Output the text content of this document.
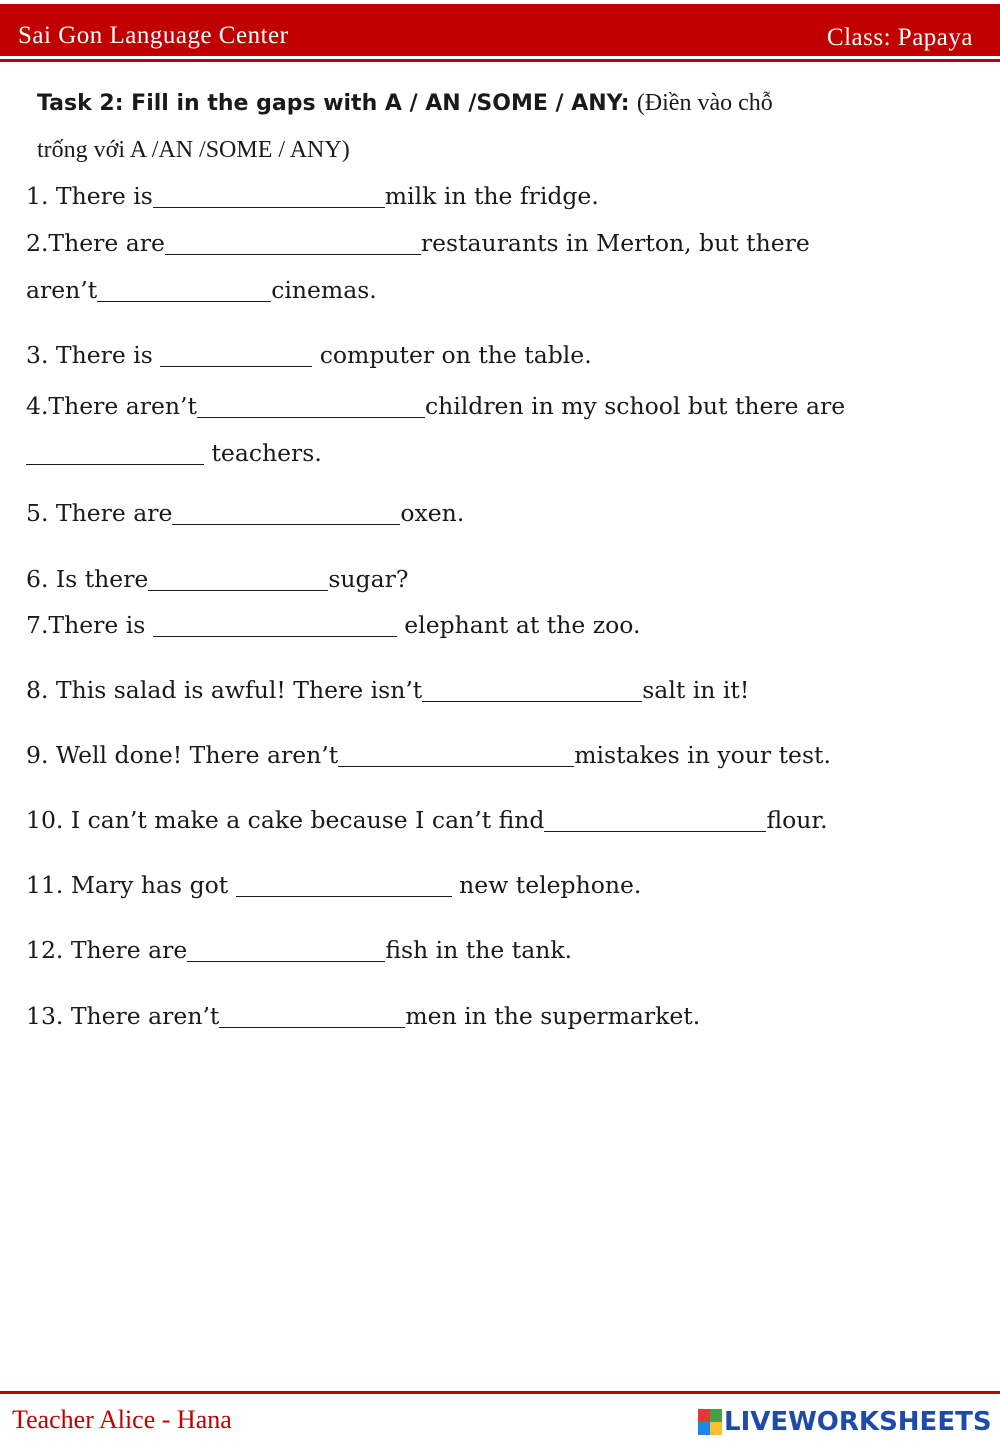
Sai Gon Language Center	Class: Papaya
Task 2: Fill in the gaps with A / AN /SOME / ANY: (Điền vào chỗ
trống với A /AN /SOME / ANY)
1. There is	milk in the fridge.
2.There are	restaurants in Merton, but there
aren’t	cinemas.
3. There is	computer on the table.
4.There aren’t	children in my school but there are
teachers.
5. There are	oxen.
6. Is there	sugar?
7.There is	elephant at the zoo.
8. This salad is awful! There isn’t	salt in it!
9. Well done! There aren’t	mistakes in your test.
10. I can’t make a cake because I can’t find	flour.
11. Mary has got	new telephone.
12. There are	fish in the tank.
13. There aren’t	men in the supermarket.
Teacher Alice - Hana	LIVEWORKSHEETS
